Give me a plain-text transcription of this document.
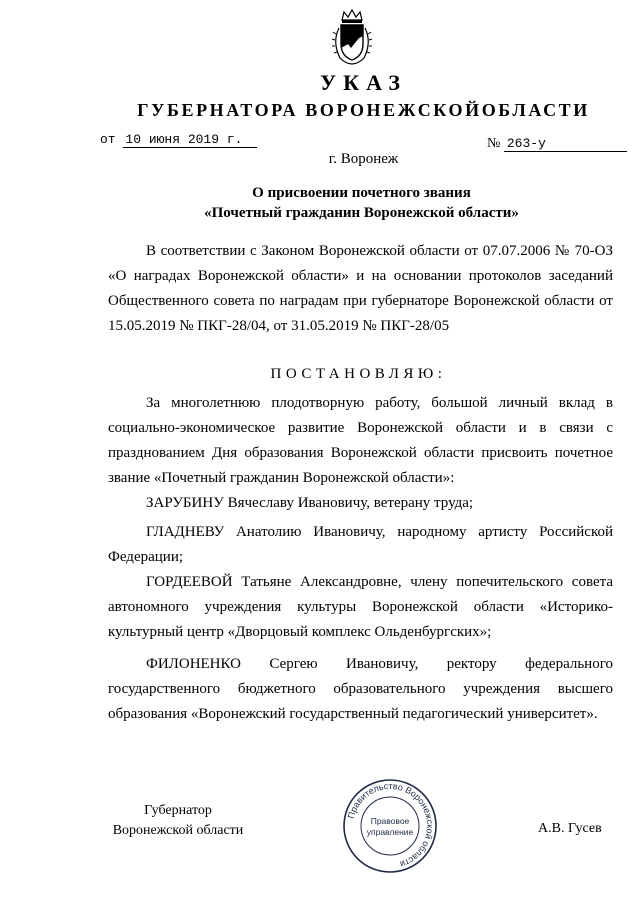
УКАЗ
ГУБЕРНАТОРА ВОРОНЕЖСКОЙОБЛАСТИ
от 10 июня 2019 г.	№ 263-у
г. Воронеж
О присвоении почетного звания
«Почетный гражданин Воронежской области»
В соответствии с Законом Воронежской области от 07.07.2006 № 70-ОЗ «О наградах Воронежской области» и на основании протоколов заседаний Общественного совета по наградам при губернаторе Воронежской области от 15.05.2019 № ПКГ-28/04, от 31.05.2019 № ПКГ-28/05
ПОСТАНОВЛЯЮ:
За многолетнюю плодотворную работу, большой личный вклад в социально-экономическое развитие Воронежской области и в связи с празднованием Дня образования Воронежской области присвоить почетное звание «Почетный гражданин Воронежской области»:
ЗАРУБИНУ Вячеславу Ивановичу, ветерану труда;
ГЛАДНЕВУ Анатолию Ивановичу, народному артисту Российской Федерации;
ГОРДЕЕВОЙ Татьяне Александровне, члену попечительского совета автономного учреждения культуры Воронежской области «Историко-культурный центр «Дворцовый комплекс Ольденбургских»;
ФИЛОНЕНКО Сергею Ивановичу, ректору федерального государственного бюджетного образовательного учреждения высшего образования «Воронежский государственный педагогический университет».
Губернатор
Воронежской области
Правительство Воронежской области
Правовое
управление	А.В. Гусев
